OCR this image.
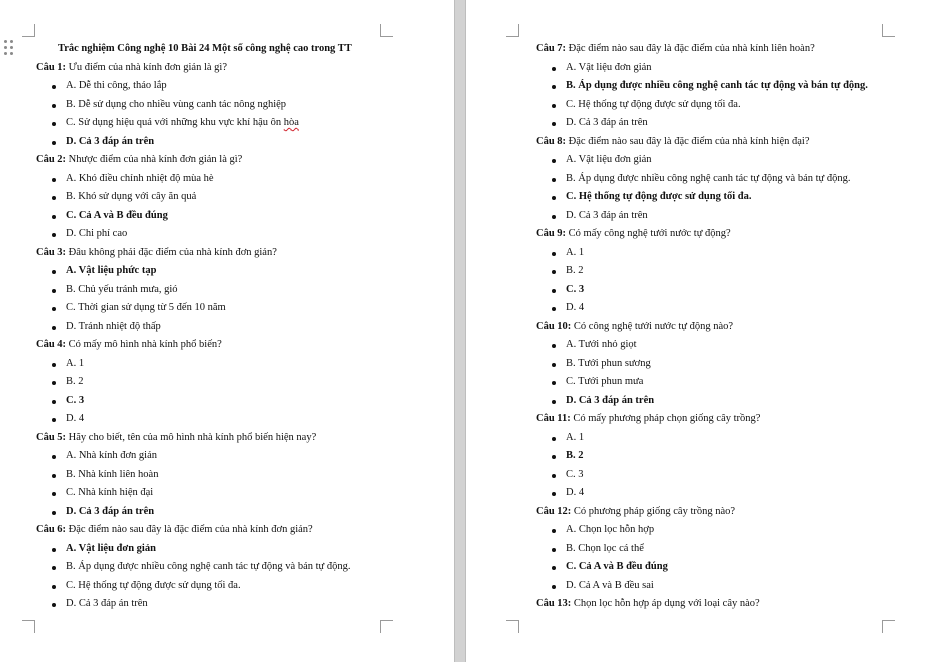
Trắc nghiệm Công nghệ 10 Bài 24 Một số công nghệ cao trong TT
Câu 1: Ưu điểm của nhà kính đơn giản là gì?
A. Dễ thi công, tháo lắp
B. Dễ sử dụng cho nhiều vùng canh tác nông nghiệp
C. Sử dụng hiệu quả với những khu vực khí hậu ôn hòa
D. Cả 3 đáp án trên
Câu 2: Nhược điểm của nhà kính đơn giản là gì?
A. Khó điều chỉnh nhiệt độ mùa hè
B. Khó sử dụng với cây ăn quả
C. Cả A và B đều đúng
D. Chi phí cao
Câu 3: Đâu không phải đặc điểm của nhà kính đơn giản?
A. Vật liệu phức tạp
B. Chủ yếu tránh mưa, gió
C. Thời gian sử dụng từ 5 đến 10 năm
D. Tránh nhiệt độ thấp
Câu 4: Có mấy mô hình nhà kính phổ biến?
A. 1
B. 2
C. 3
D. 4
Câu 5: Hãy cho biết, tên của mô hình nhà kính phổ biến hiện nay?
A. Nhà kính đơn giản
B. Nhà kính liên hoàn
C. Nhà kính hiện đại
D. Cả 3 đáp án trên
Câu 6: Đặc điểm nào sau đây là đặc điểm của nhà kính đơn giản?
A. Vật liệu đơn giản
B. Áp dụng được nhiều công nghệ canh tác tự động và bán tự động.
C. Hệ thống tự động được sử dụng tối đa.
D. Cả 3 đáp án trên
Câu 7: Đặc điểm nào sau đây là đặc điểm của nhà kính liên hoàn?
A. Vật liệu đơn giản
B. Áp dụng được nhiều công nghệ canh tác tự động và bán tự động.
C. Hệ thống tự động được sử dụng tối đa.
D. Cả 3 đáp án trên
Câu 8: Đặc điểm nào sau đây là đặc điểm của nhà kính hiện đại?
A. Vật liệu đơn giản
B. Áp dụng được nhiều công nghệ canh tác tự động và bán tự động.
C. Hệ thống tự động được sử dụng tối đa.
D. Cả 3 đáp án trên
Câu 9: Có mấy công nghệ tưới nước tự động?
A. 1
B. 2
C. 3
D. 4
Câu 10: Có công nghệ tưới nước tự động nào?
A. Tưới nhỏ giọt
B. Tưới phun sương
C. Tưới phun mưa
D. Cả 3 đáp án trên
Câu 11: Có mấy phương pháp chọn giống cây trồng?
A. 1
B. 2
C. 3
D. 4
Câu 12: Có phương pháp giống cây trồng nào?
A. Chọn lọc hỗn hợp
B. Chọn lọc cá thể
C. Cả A và B đều đúng
D. Cả A và B đều sai
Câu 13: Chọn lọc hỗn hợp áp dụng với loại cây nào?
